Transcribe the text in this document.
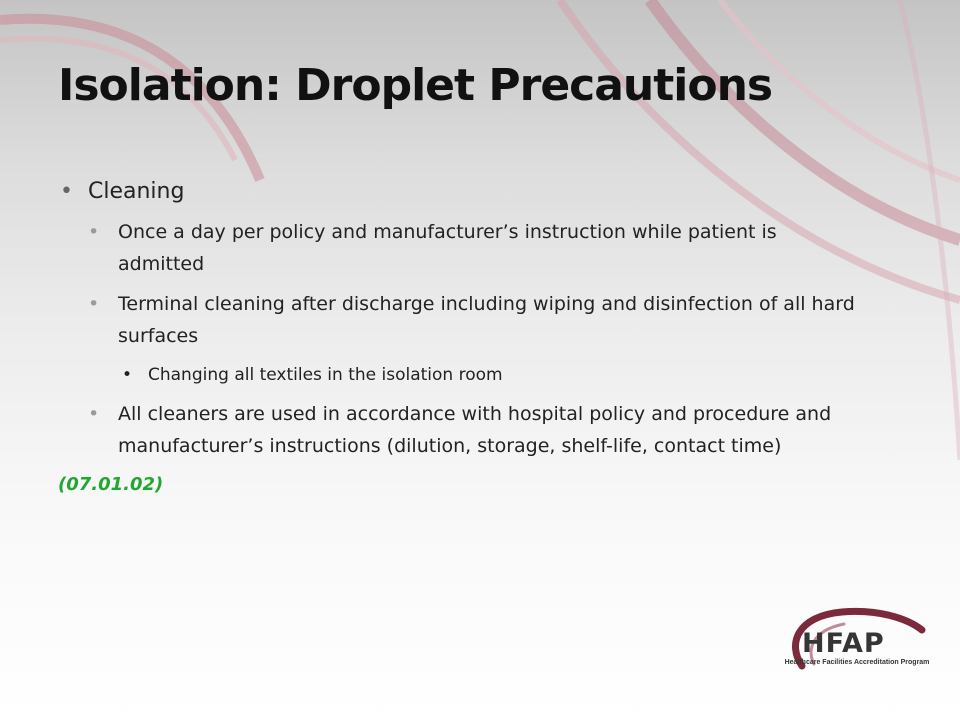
Isolation: Droplet Precautions
• Cleaning
• Once a day per policy and manufacturer’s instruction while patient is admitted
• Terminal cleaning after discharge including wiping and disinfection of all hard surfaces
• Changing all textiles in the isolation room
• All cleaners are used in accordance with hospital policy and procedure and manufacturer’s instructions (dilution, storage, shelf-life, contact time)
(07.01.02)
HFAP
Healthcare Facilities Accreditation Program
